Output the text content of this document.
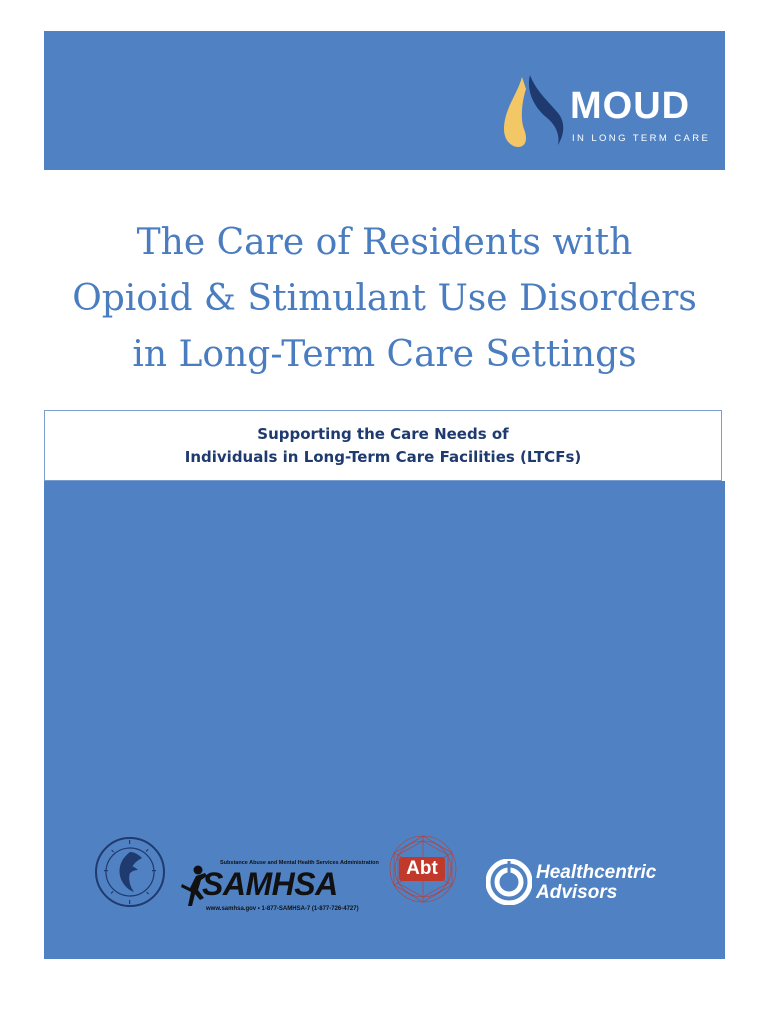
MOUD
IN LONG TERM CARE
The Care of Residents with
Opioid & Stimulant Use Disorders
in Long-Term Care Settings
Supporting the Care Needs of
Individuals in Long-Term Care Facilities (LTCFs)
Substance Abuse and Mental Health Services Administration
SAMHSA
www.samhsa.gov • 1-877-SAMHSA-7 (1-877-726-4727)
Abt	Healthcentric
Advisors
